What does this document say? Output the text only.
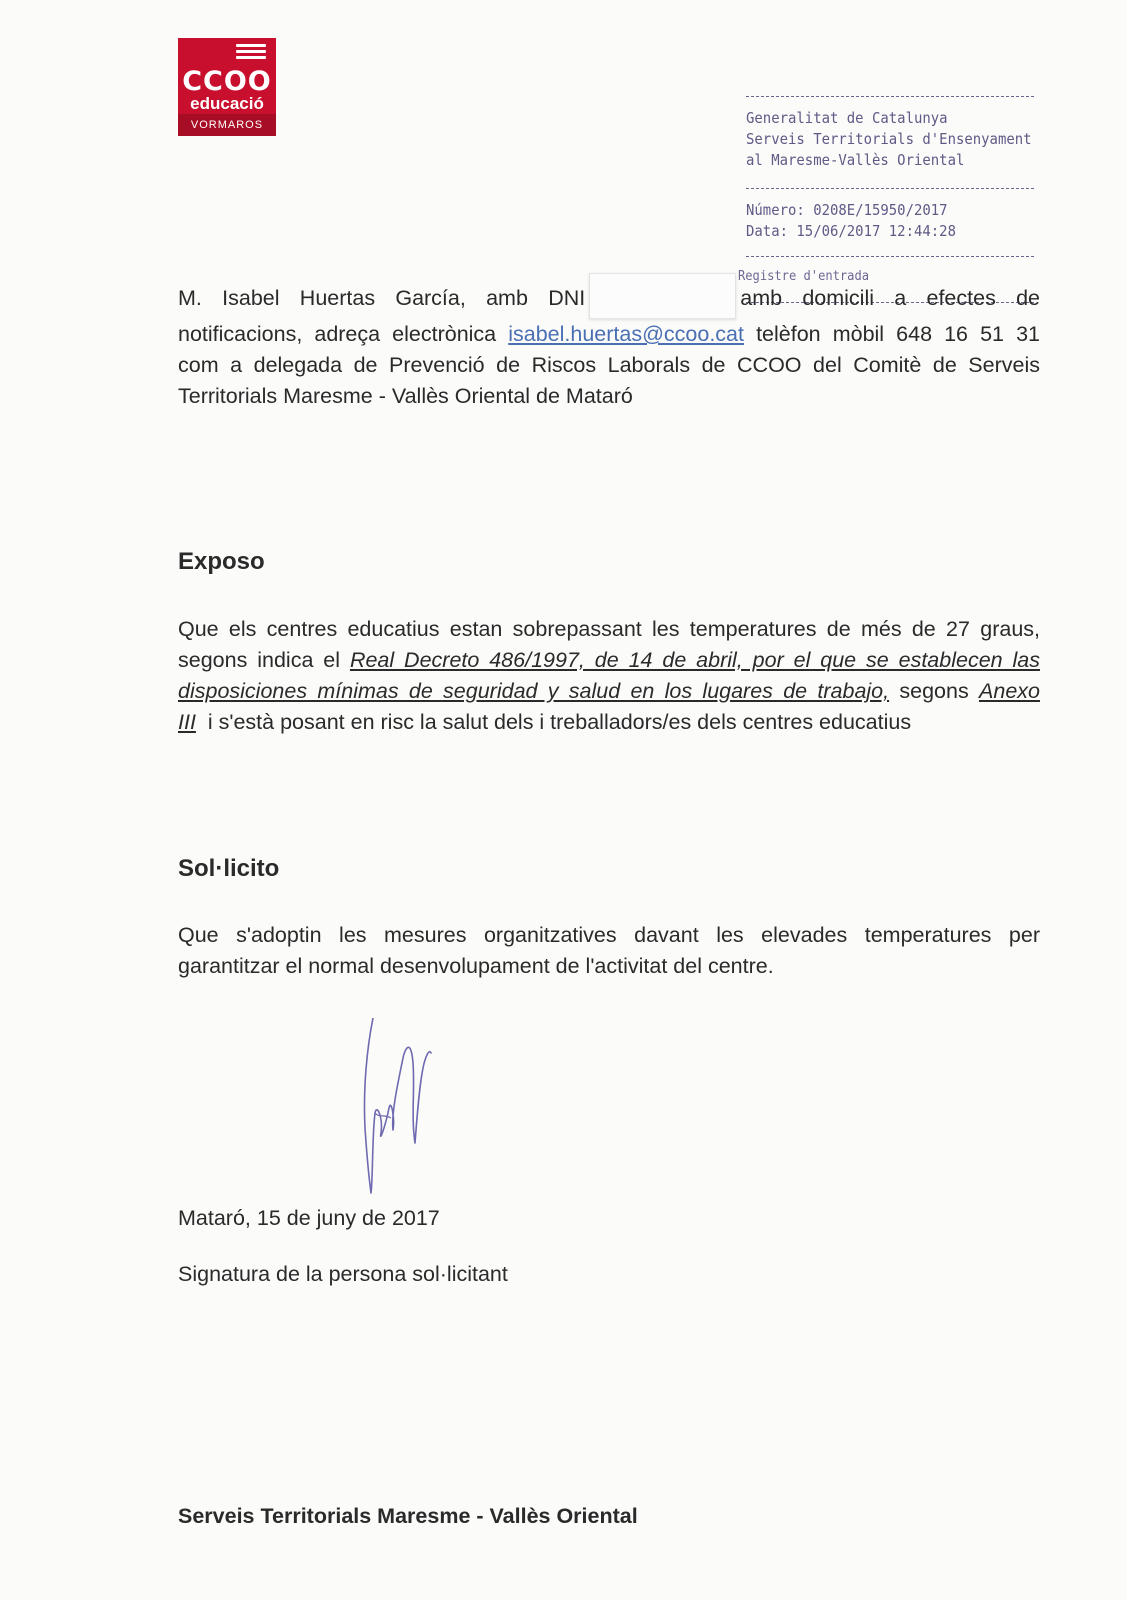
CCOO
educació
VORMAROS	Generalitat de Catalunya
Serveis Territorials d'Ensenyament
al Maresme-Vallès Oriental
Número: 0208E/15950/2017
Data: 15/06/2017 12:44:28
Registre d'entrada
M. Isabel Huertas García, amb DNI	amb domicili a efectes de
notificacions, adreça electrònica isabel.huertas@ccoo.cat telèfon mòbil 648 16 51 31
com a delegada de Prevenció de Riscos Laborals de CCOO del Comitè de Serveis
Territorials Maresme - Vallès Oriental de Mataró
Exposo
Que els centres educatius estan sobrepassant les temperatures de més de 27 graus,
segons indica el Real Decreto 486/1997, de 14 de abril, por el que se establecen las
disposiciones mínimas de seguridad y salud en los lugares de trabajo, segons Anexo
III i s'està posant en risc la salut dels i treballadors/es dels centres educatius
Sol·licito
Que s'adoptin les mesures organitzatives davant les elevades temperatures per
garantitzar el normal desenvolupament de l'activitat del centre.
Mataró, 15 de juny de 2017
Signatura de la persona sol·licitant
Serveis Territorials Maresme - Vallès Oriental
